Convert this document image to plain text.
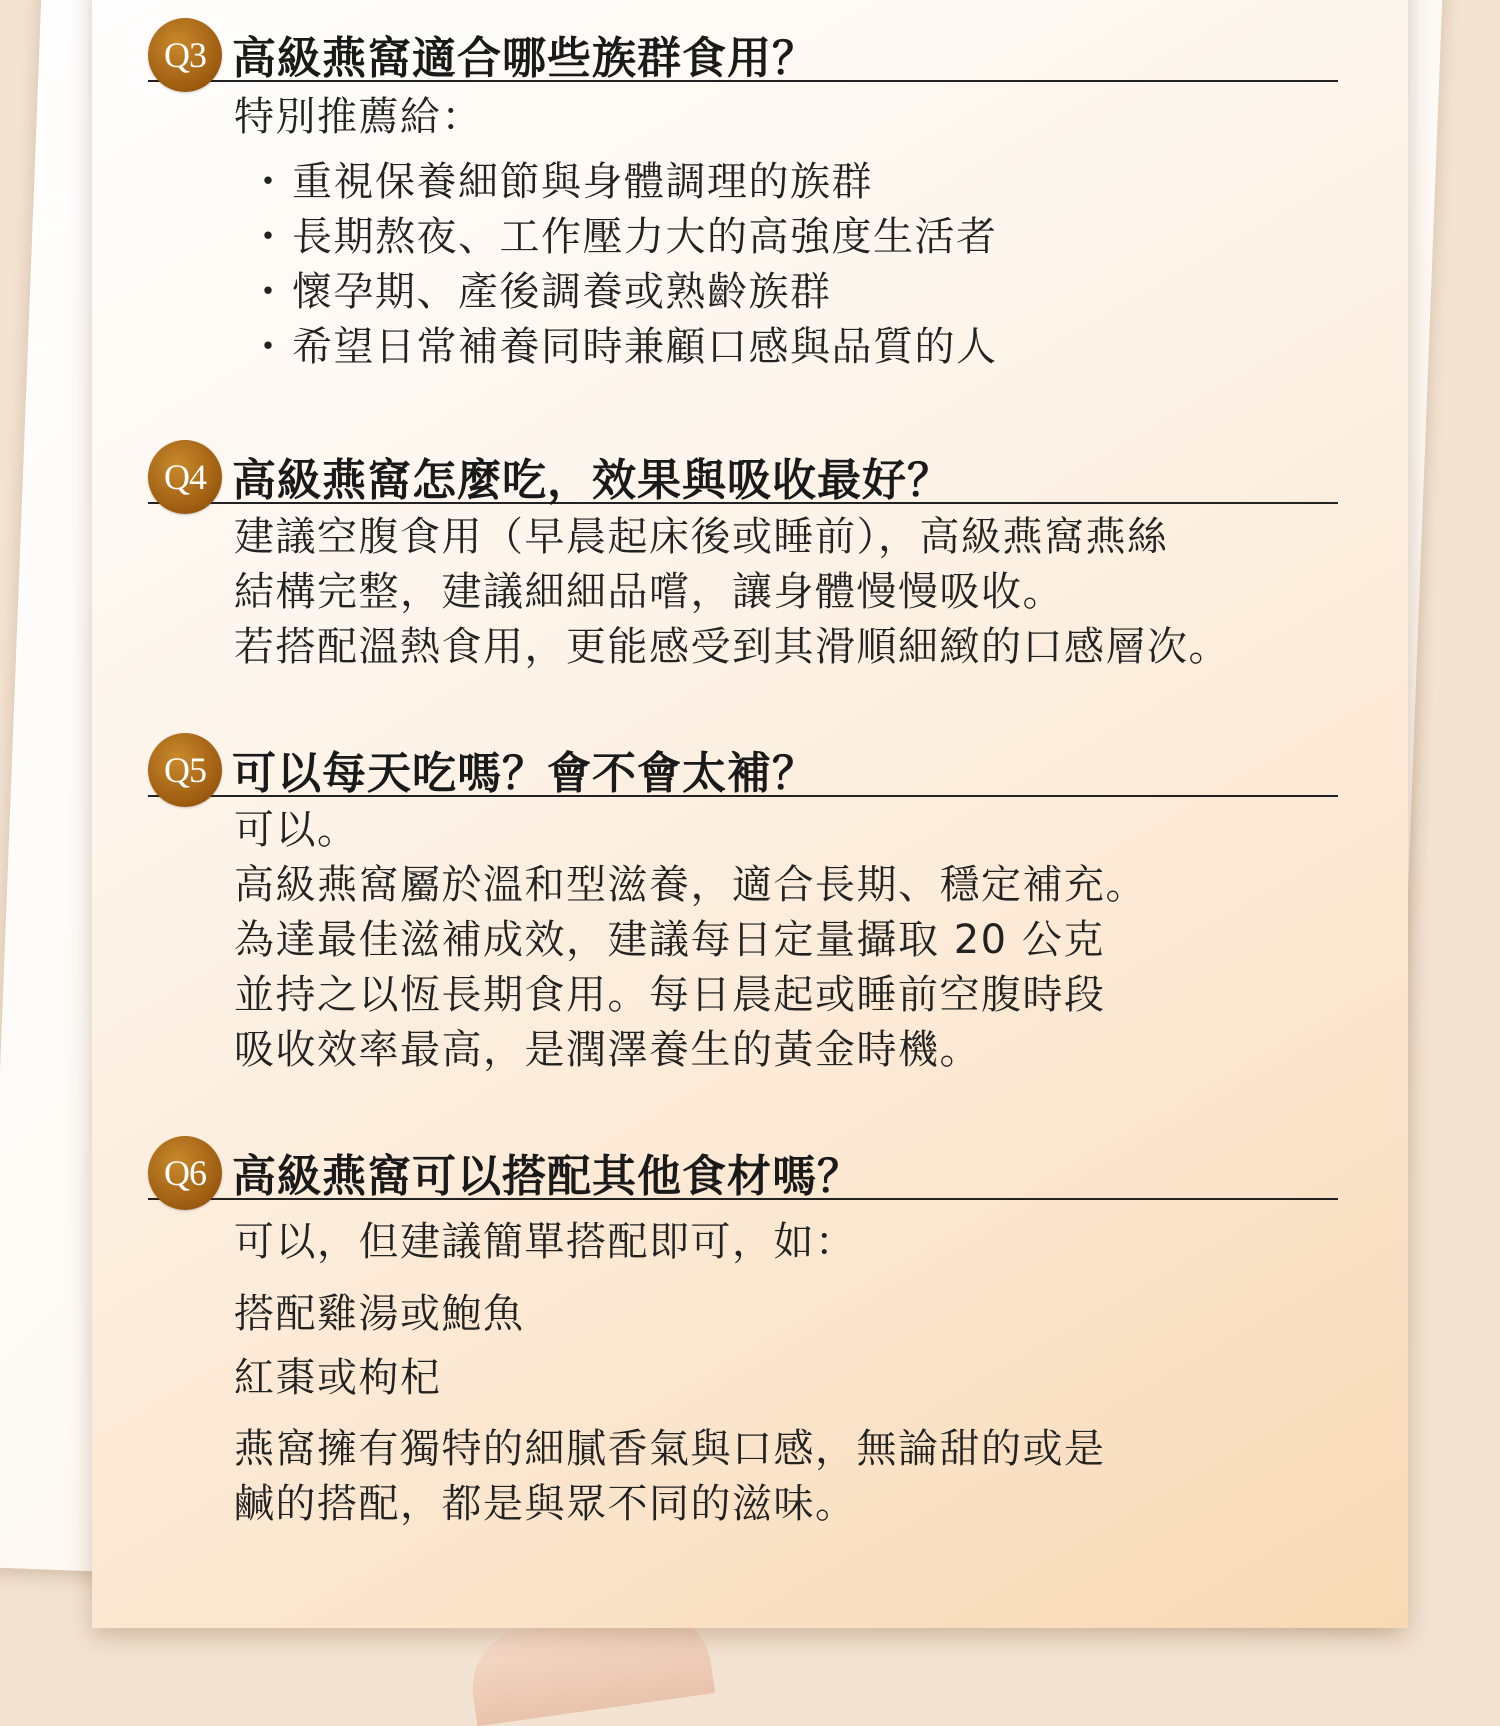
Q3 高級燕窩適合哪些族群食用？

特別推薦給：

・ 重視保養細節與身體調理的族群
・ 長期熬夜、工作壓力大的高強度生活者
・ 懷孕期、產後調養或熟齡族群
・ 希望日常補養同時兼顧口感與品質的人
Q4 高級燕窩怎麼吃，效果與吸收最好？

建議空腹食用（早晨起床後或睡前），高級燕窩燕絲

結構完整，建議細細品嚐，讓身體慢慢吸收。

若搭配溫熱食用，更能感受到其滑順細緻的口感層次。

Q5 可以每天吃嗎？會不會太補？

可以。

高級燕窩屬於溫和型滋養，適合長期、穩定補充。

為達最佳滋補成效，建議每日定量攝取 20 公克

並持之以恆長期食用。每日晨起或睡前空腹時段

吸收效率最高，是潤澤養生的黃金時機。

Q6 高級燕窩可以搭配其他食材嗎？

可以，但建議簡單搭配即可，如：

搭配雞湯或鮑魚

紅棗或枸杞

燕窩擁有獨特的細膩香氣與口感，無論甜的或是

鹹的搭配，都是與眾不同的滋味。
